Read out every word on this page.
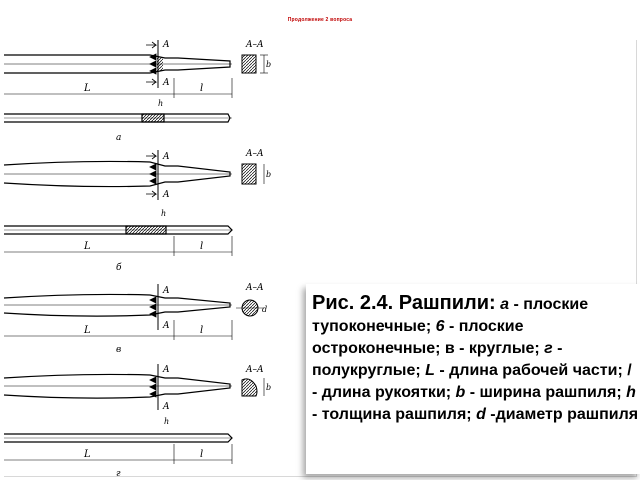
Продолжение 2 вопроса
A
A
L	l
h
а
A–A
b
A
A
L	l
h
б
A–A
b
A
A
L	l
в
A–A
d
A
A
h
L	l
г
A–A
b
Рис. 2.4. Рашпили: а - плоские тупоконечные; 6 - плоские остроконечные; в - круглые; г - полукруглые; L - длина рабочей части; / - длина рукоятки; b - ширина рашпиля; h - толщина рашпиля; d -диаметр рашпиля
